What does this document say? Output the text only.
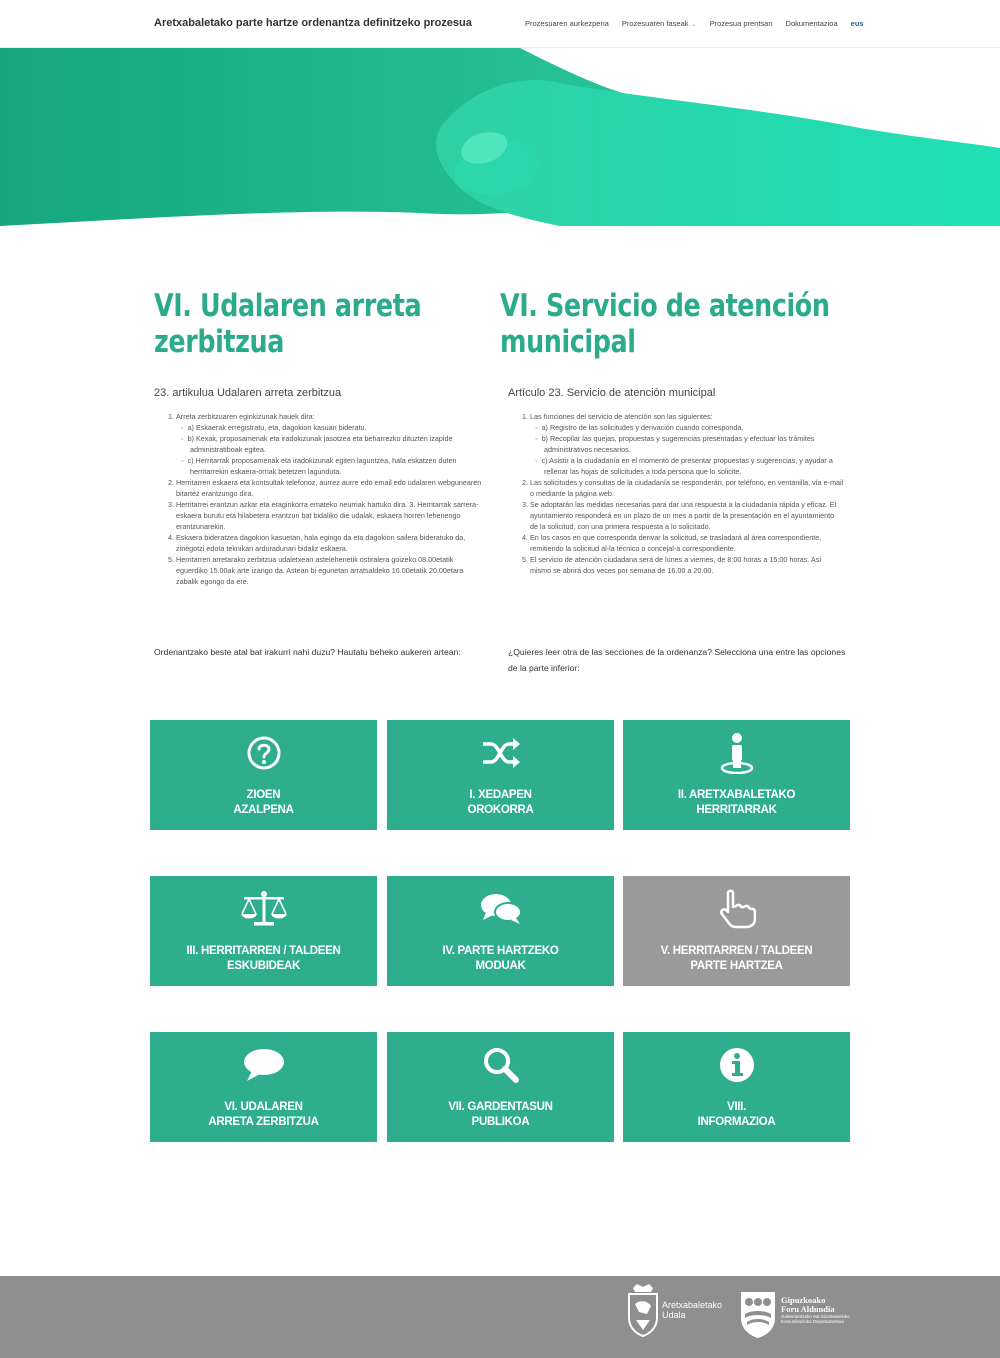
Aretxabaletako parte hartze ordenantza definitzeko prozesua	Prozesuaren aurkezpena Prozesuaren faseak ⌄ Prozesua prentsan Dokumentazioa eus
VI. Udalaren arreta zerbitzua
VI. Servicio de atención municipal
23. artikulua Udalaren arreta zerbitzua	Artículo 23. Servicio de atención municipal
1. Arreta zerbitzuaren eginkizunak hauek dira:
◦ a) Eskaerak erregistratu, eta, dagokion kasuan bideratu.
◦ b) Kexak, proposamenak eta iradokizunak jasotzea eta beharrezko dituzten izapide administratiboak egitea.
◦ c) Herritarrak proposamenak eta iradokizunak egiten laguntzea, hala eskatzen duten herritarrekin eskaera-orriak betetzen lagunduta.
2. Herritarren eskaera eta kontsultak telefonoz, aurrez aurre edo email edo udalaren webgunearen bitartez erantzungo dira.
3. Herritarrei erantzun azkar eta eraginkorra emateko neurriak hartuko dira. 3. Herritarrak sarrera-eskaera burutu eta hilabetera erantzun bat bidaliko die udalak, eskaera horren lehenengo erantzunarekin.
4. Eskaera bideratzea dagokion kasuetan, hala egingo da eta dagokion sailera bideratuko da, zinegotzi edota teknikari arduradunari bidaliz eskaera.
5. Herritarren arretarako zerbitzua udaletxean astelehenetik ostiralera goizeko 08.00etatik eguerdiko 15.00ak arte izango da. Astean bi egunetan arratsaldeko 16.00etatik 20.00etara zabalik egongo da ere.
1. Las funciones del servicio de atención son las siguientes:
◦ a) Registro de las solicitudes y derivación cuando corresponda.
◦ b) Recopilar las quejas, propuestas y sugerencias presentadas y efectuar los trámites administrativos necesarios.
◦ c) Asistir a la ciudadanía en el momento de presentar propuestas y sugerencias, y ayudar a rellenar las hojas de solicitudes a toda persona que lo solicite.
2. Las solicitudes y consultas de la ciudadanía se responderán, por teléfono, en ventanilla, vía e-mail o mediante la página web.
3. Se adoptarán las medidas necesarias para dar una respuesta a la ciudadanía rápida y eficaz. El ayuntamiento responderá en un plazo de un mes a partir de la presentación en el ayuntamiento de la solicitud, con una primera respuesta a lo solicitado.
4. En los casos en que corresponda derivar la solicitud, se trasladará al área correspondiente, remitiendo la solicitud al-la técnico o concejal-a correspondiente.
5. El servicio de atención ciudadana será de lunes a viernes, de 8:00 horas a 15:00 horas. Así mismo se abrirá dos veces por semana de 16.00 a 20.00.
Ordenantzako beste atal bat irakurri nahi duzu? Hautatu beheko aukeren artean:	¿Quieres leer otra de las secciones de la ordenanza? Selecciona una entre las opciones de la parte inferior:
ZIOEN
AZALPENA
I. XEDAPEN
OROKORRA
II. ARETXABALETAKO
HERRITARRAK
III. HERRITARREN / TALDEEN
ESKUBIDEAK
IV. PARTE HARTZEKO
MODUAK
V. HERRITARREN / TALDEEN
PARTE HARTZEA
VI. UDALAREN
ARRETA ZERBITZUA
VII. GARDENTASUN
PUBLIKOA
VIII.
INFORMAZIOA
Aretxabaletako
Udala
Gipuzkoako
Foru Aldundia
Gobernantzako eta Gizartearekiko
Komunikazioko Departamentua
